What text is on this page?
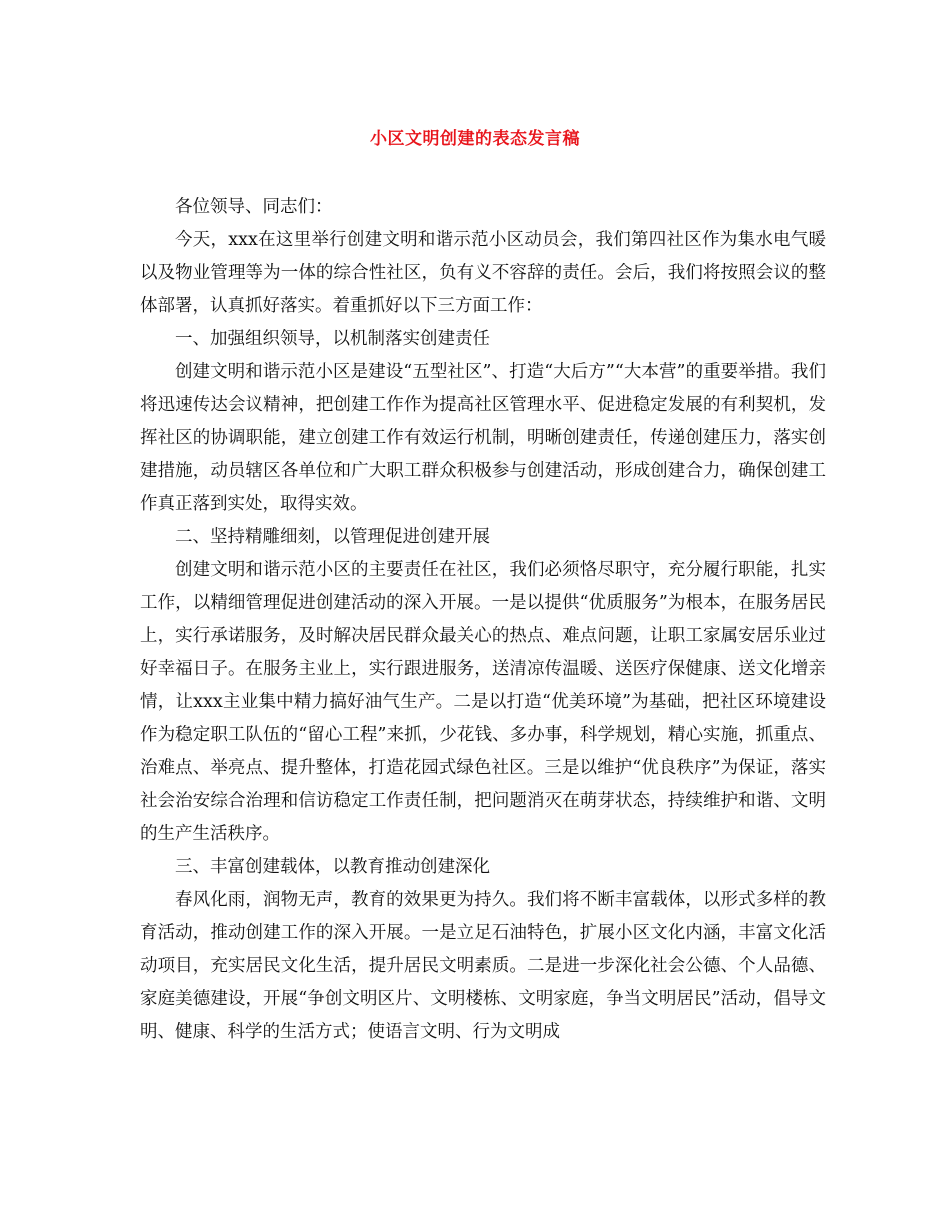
小区文明创建的表态发言稿

各位领导、同志们：

今天，xxx在这里举行创建文明和谐示范小区动员会，我们第四社区作为集水电气暖以及物业管理等为一体的综合性社区，负有义不容辞的责任。会后，我们将按照会议的整体部署，认真抓好落实。着重抓好以下三方面工作：

一、加强组织领导，以机制落实创建责任

创建文明和谐示范小区是建设“五型社区”、打造“大后方”“大本营”的重要举措。我们将迅速传达会议精神，把创建工作作为提高社区管理水平、促进稳定发展的有利契机，发挥社区的协调职能，建立创建工作有效运行机制，明晰创建责任，传递创建压力，落实创建措施，动员辖区各单位和广大职工群众积极参与创建活动，形成创建合力，确保创建工作真正落到实处，取得实效。

二、坚持精雕细刻，以管理促进创建开展

创建文明和谐示范小区的主要责任在社区，我们必须恪尽职守，充分履行职能，扎实工作，以精细管理促进创建活动的深入开展。一是以提供“优质服务”为根本，在服务居民上，实行承诺服务，及时解决居民群众最关心的热点、难点问题，让职工家属安居乐业过好幸福日子。在服务主业上，实行跟进服务，送清凉传温暖、送医疗保健康、送文化增亲情，让xxx主业集中精力搞好油气生产。二是以打造“优美环境”为基础，把社区环境建设作为稳定职工队伍的“留心工程”来抓，少花钱、多办事，科学规划，精心实施，抓重点、治难点、举亮点、提升整体，打造花园式绿色社区。三是以维护“优良秩序”为保证，落实社会治安综合治理和信访稳定工作责任制，把问题消灭在萌芽状态，持续维护和谐、文明的生产生活秩序。

三、丰富创建载体，以教育推动创建深化

春风化雨，润物无声，教育的效果更为持久。我们将不断丰富载体，以形式多样的教育活动，推动创建工作的深入开展。一是立足石油特色，扩展小区文化内涵，丰富文化活动项目，充实居民文化生活，提升居民文明素质。二是进一步深化社会公德、个人品德、家庭美德建设，开展“争创文明区片、文明楼栋、文明家庭，争当文明居民”活动，倡导文明、健康、科学的生活方式；使语言文明、行为文明成
